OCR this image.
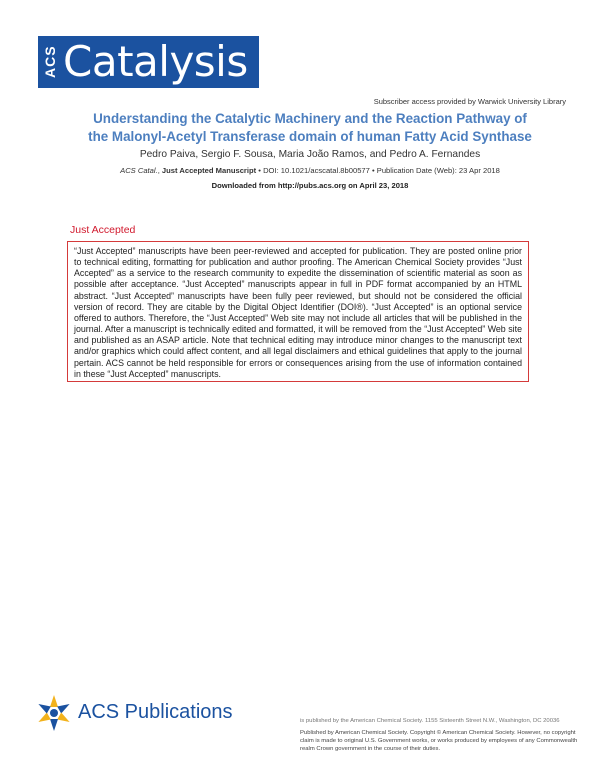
ACS Catalysis
Subscriber access provided by Warwick University Library
Understanding the Catalytic Machinery and the Reaction Pathway of
the Malonyl-Acetyl Transferase domain of human Fatty Acid Synthase
Pedro Paiva, Sergio F. Sousa, Maria João Ramos, and Pedro A. Fernandes
ACS Catal., Just Accepted Manuscript • DOI: 10.1021/acscatal.8b00577 • Publication Date (Web): 23 Apr 2018
Downloaded from http://pubs.acs.org on April 23, 2018
Just Accepted

“Just Accepted” manuscripts have been peer-reviewed and accepted for publication. They are posted online prior to technical editing, formatting for publication and author proofing. The American Chemical Society provides “Just Accepted” as a service to the research community to expedite the dissemination of scientific material as soon as possible after acceptance. “Just Accepted” manuscripts appear in full in PDF format accompanied by an HTML abstract. “Just Accepted” manuscripts have been fully peer reviewed, but should not be considered the official version of record. They are citable by the Digital Object Identifier (DOI®). “Just Accepted” is an optional service offered to authors. Therefore, the “Just Accepted” Web site may not include all articles that will be published in the journal. After a manuscript is technically edited and formatted, it will be removed from the “Just Accepted” Web site and published as an ASAP article. Note that technical editing may introduce minor changes to the manuscript text and/or graphics which could affect content, and all legal disclaimers and ethical guidelines that apply to the journal pertain. ACS cannot be held responsible for errors or consequences arising from the use of information contained in these “Just Accepted” manuscripts.

ACS Publications	is published by the American Chemical Society. 1155 Sixteenth Street N.W., Washington, DC 20036
Published by American Chemical Society. Copyright © American Chemical Society. However, no copyright claim is made to original U.S. Government works, or works produced by employees of any Commonwealth realm Crown government in the course of their duties.
